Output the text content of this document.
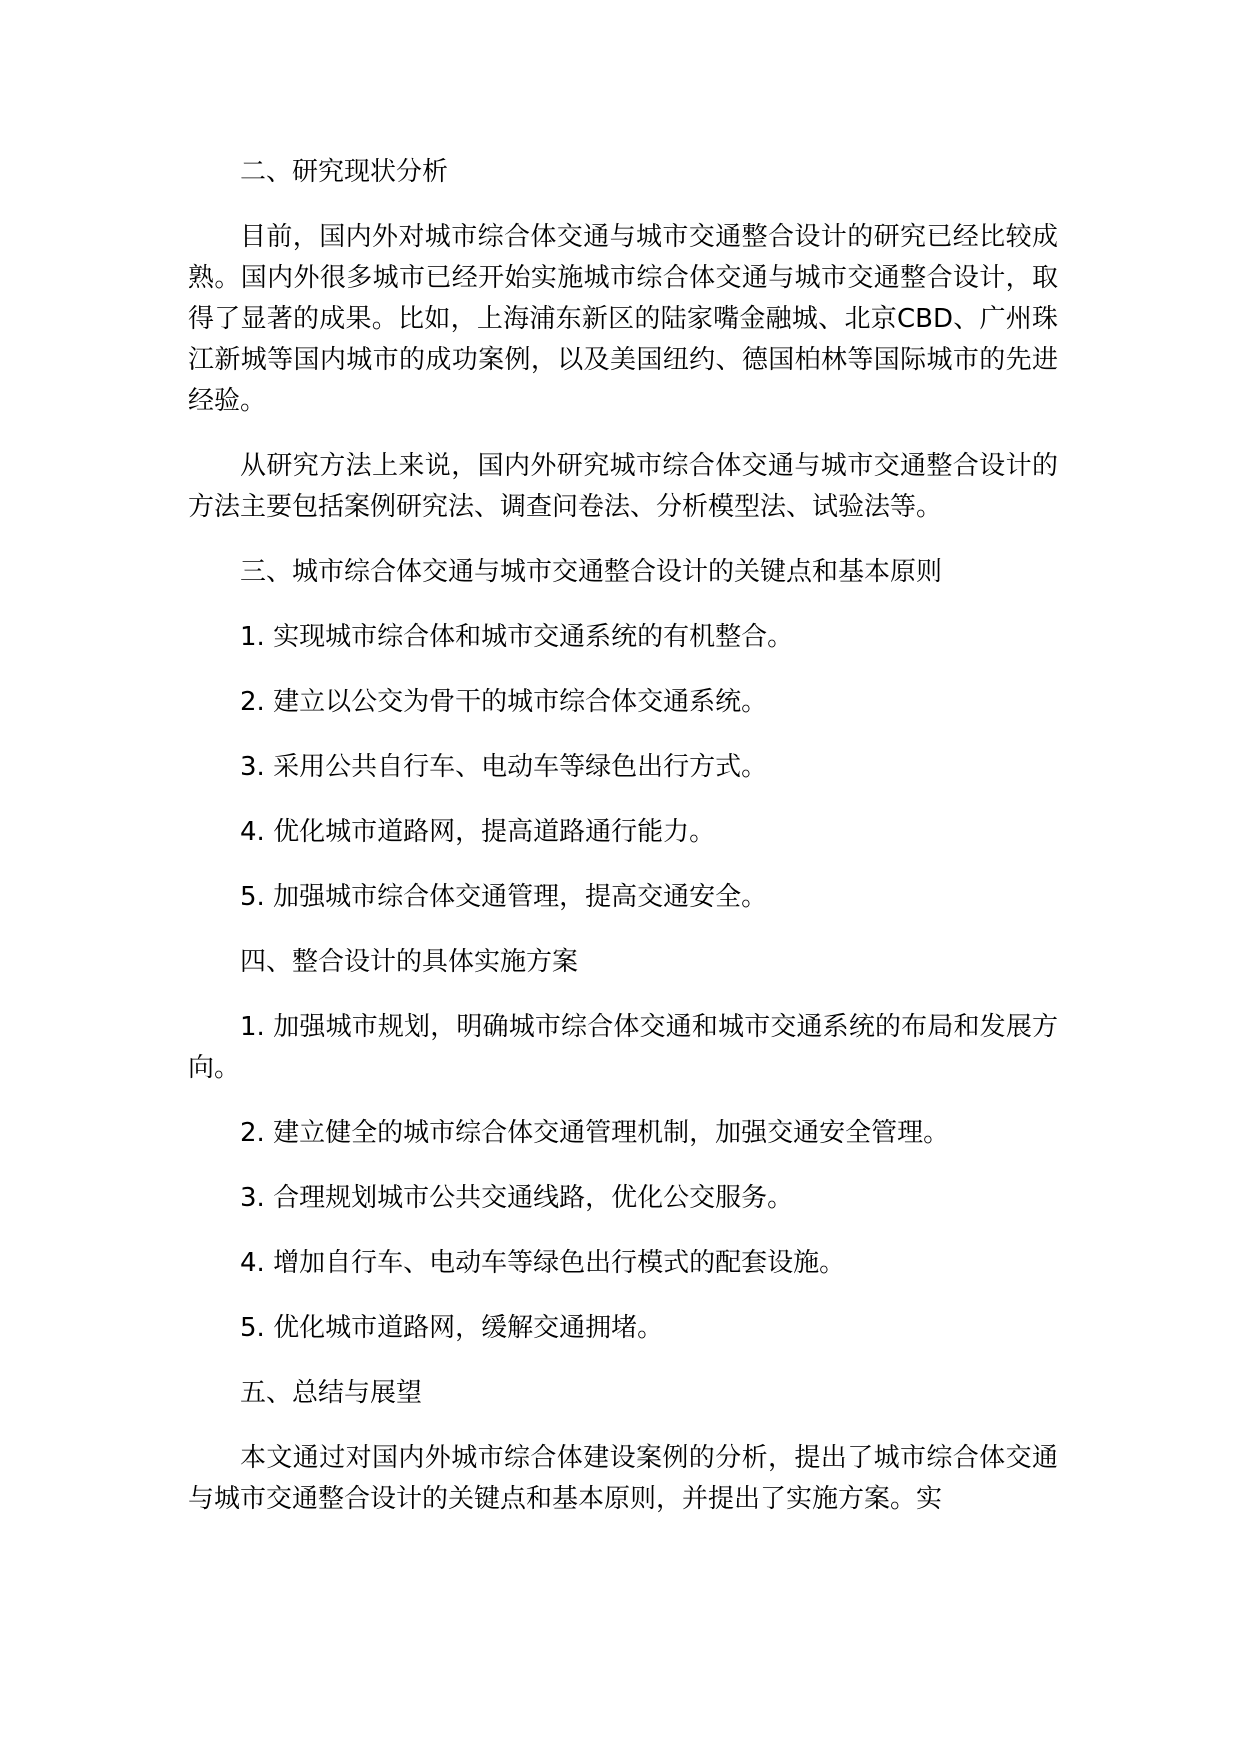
二、研究现状分析

目前，国内外对城市综合体交通与城市交通整合设计的研究已经比较成熟。国内外很多城市已经开始实施城市综合体交通与城市交通整合设计，取得了显著的成果。比如，上海浦东新区的陆家嘴金融城、北京CBD、广州珠江新城等国内城市的成功案例，以及美国纽约、德国柏林等国际城市的先进经验。

从研究方法上来说，国内外研究城市综合体交通与城市交通整合设计的方法主要包括案例研究法、调查问卷法、分析模型法、试验法等。

三、城市综合体交通与城市交通整合设计的关键点和基本原则

1. 实现城市综合体和城市交通系统的有机整合。

2. 建立以公交为骨干的城市综合体交通系统。

3. 采用公共自行车、电动车等绿色出行方式。

4. 优化城市道路网，提高道路通行能力。

5. 加强城市综合体交通管理，提高交通安全。

四、整合设计的具体实施方案

1. 加强城市规划，明确城市综合体交通和城市交通系统的布局和发展方向。

2. 建立健全的城市综合体交通管理机制，加强交通安全管理。

3. 合理规划城市公共交通线路，优化公交服务。

4. 增加自行车、电动车等绿色出行模式的配套设施。

5. 优化城市道路网，缓解交通拥堵。

五、总结与展望

本文通过对国内外城市综合体建设案例的分析，提出了城市综合体交通与城市交通整合设计的关键点和基本原则，并提出了实施方案。实
